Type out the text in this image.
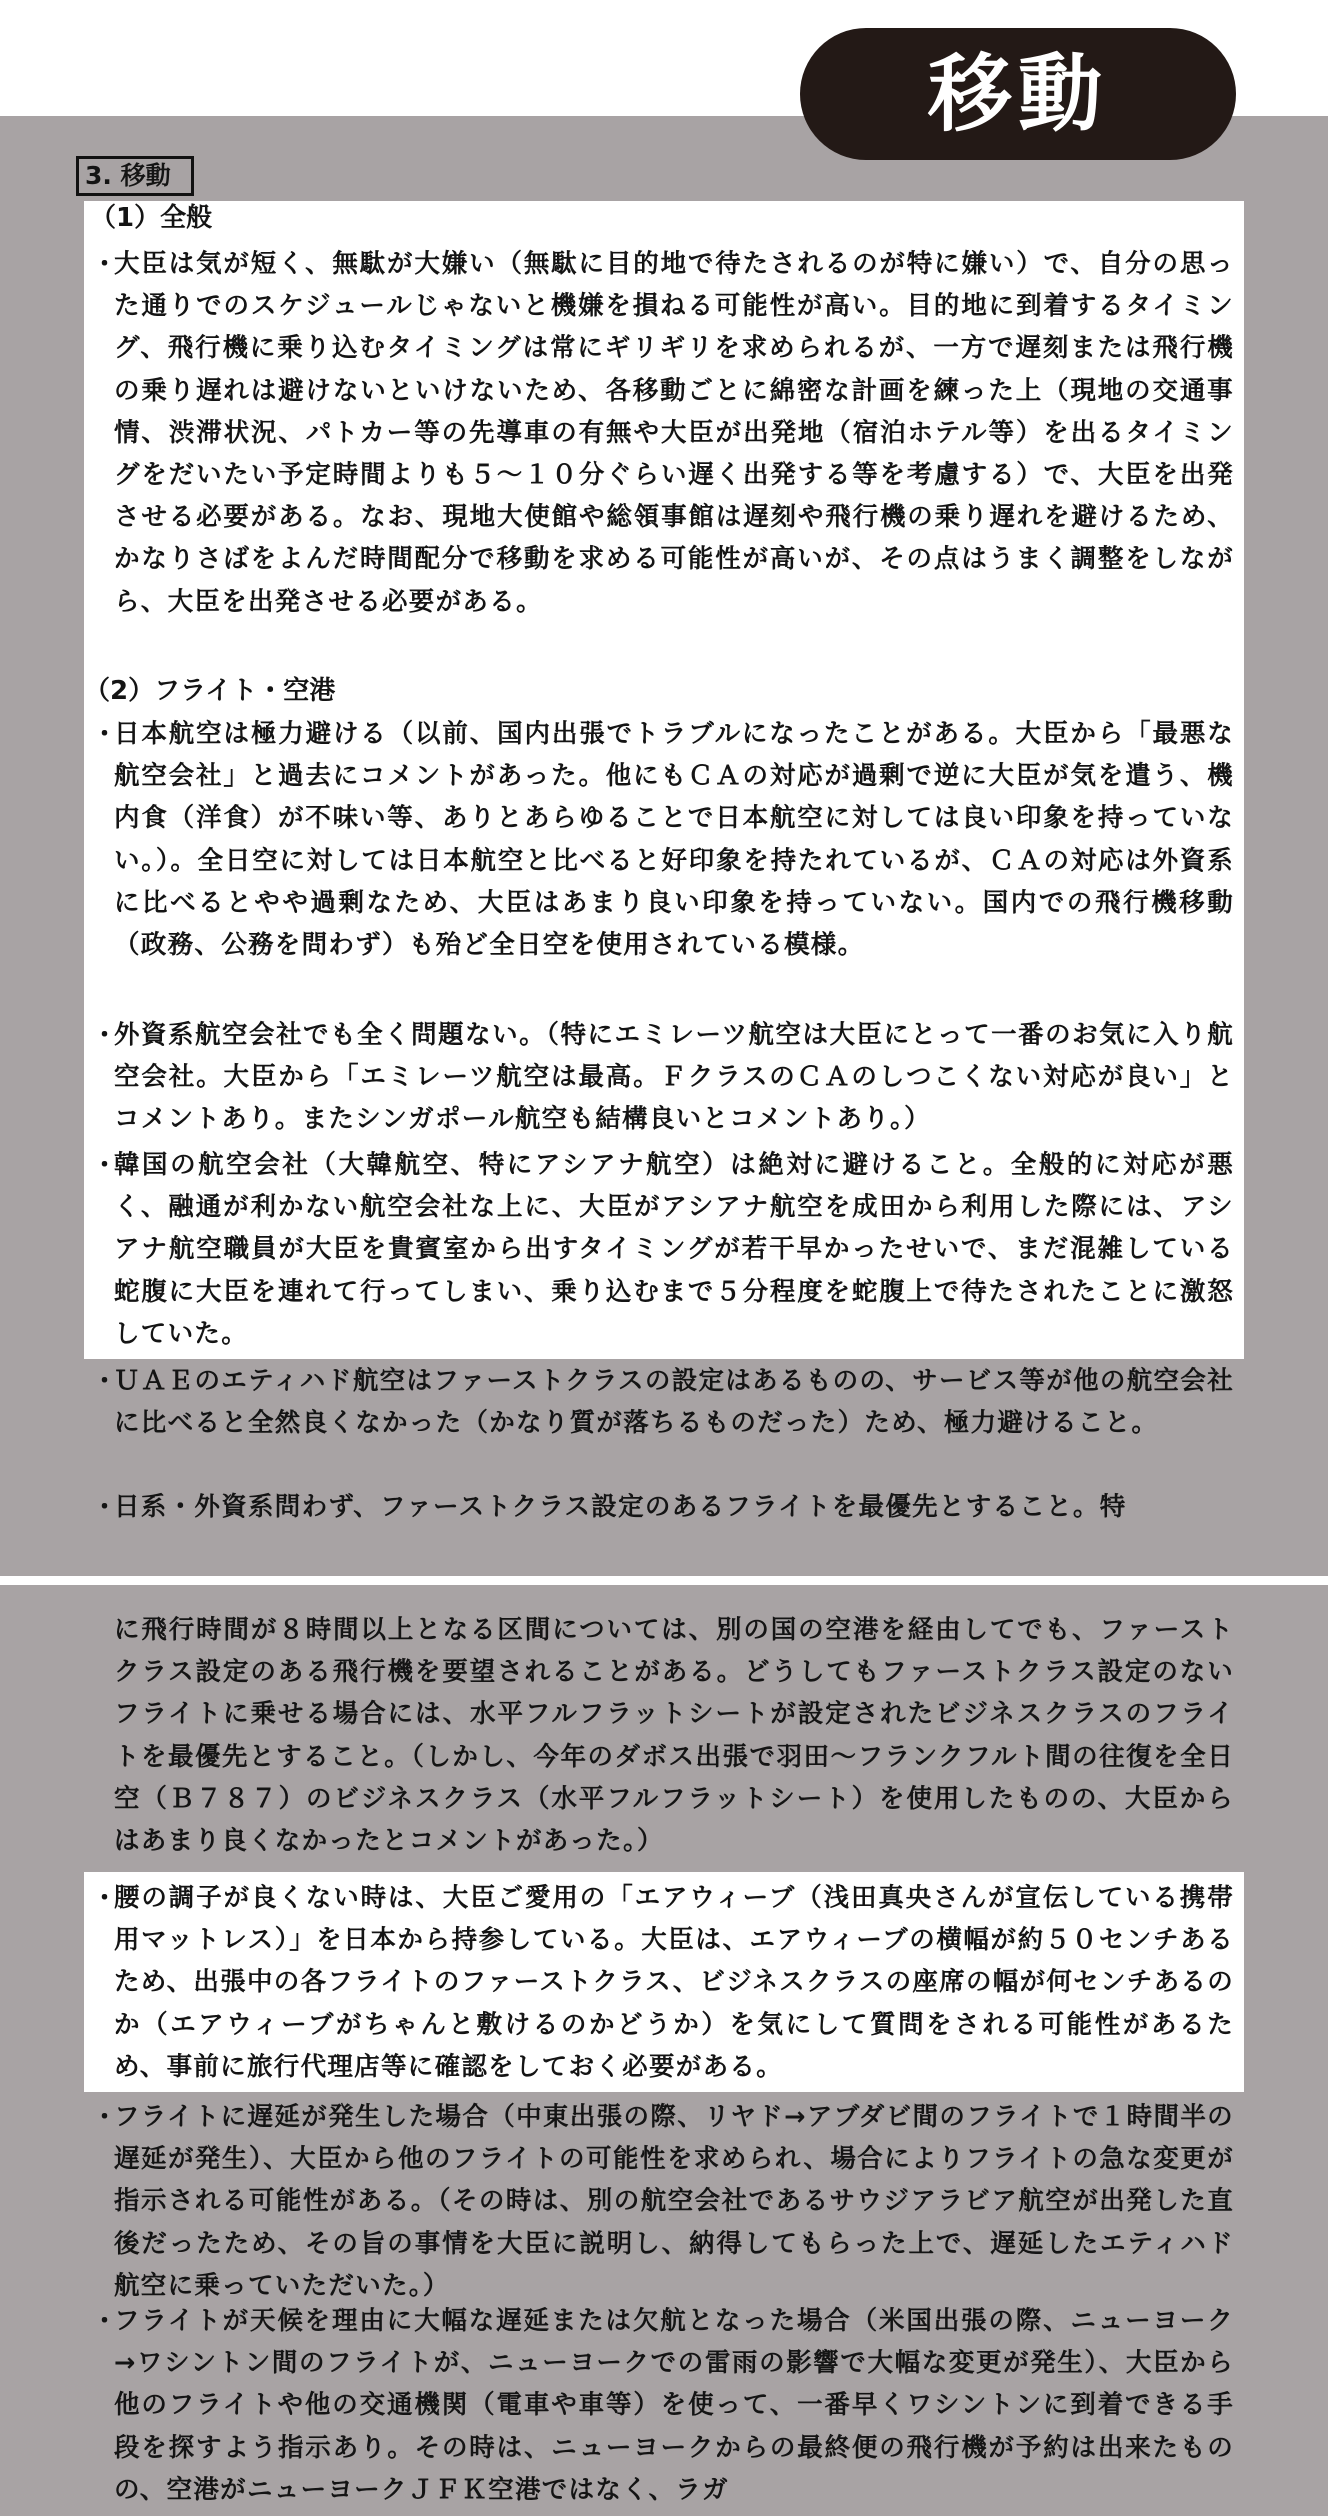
移動
3. 移動
（1）全般
（2）フライト・空港
・
大臣は気が短く、無駄が大嫌い（無駄に目的地で待たされるのが特に嫌い）で、自分の思った通りでのスケジュールじゃないと機嫌を損ねる可能性が高い。目的地に到着するタイミング、飛行機に乗り込むタイミングは常にギリギリを求められるが、一方で遅刻または飛行機の乗り遅れは避けないといけないため、各移動ごとに綿密な計画を練った上（現地の交通事情、渋滞状況、パトカー等の先導車の有無や大臣が出発地（宿泊ホテル等）を出るタイミングをだいたい予定時間よりも５～１０分ぐらい遅く出発する等を考慮する）で、大臣を出発させる必要がある。なお、現地大使館や総領事館は遅刻や飛行機の乗り遅れを避けるため、かなりさばをよんだ時間配分で移動を求める可能性が高いが、その点はうまく調整をしながら、大臣を出発させる必要がある。
・
日本航空は極力避ける（以前、国内出張でトラブルになったことがある。大臣から「最悪な航空会社」と過去にコメントがあった。他にもＣＡの対応が過剰で逆に大臣が気を遣う、機内食（洋食）が不味い等、ありとあらゆることで日本航空に対しては良い印象を持っていない。）。全日空に対しては日本航空と比べると好印象を持たれているが、ＣＡの対応は外資系に比べるとやや過剰なため、大臣はあまり良い印象を持っていない。国内での飛行機移動（政務、公務を問わず）も殆ど全日空を使用されている模様。
・
外資系航空会社でも全く問題ない。（特にエミレーツ航空は大臣にとって一番のお気に入り航空会社。大臣から「エミレーツ航空は最高。ＦクラスのＣＡのしつこくない対応が良い」とコメントあり。またシンガポール航空も結構良いとコメントあり。）
・
韓国の航空会社（大韓航空、特にアシアナ航空）は絶対に避けること。全般的に対応が悪く、融通が利かない航空会社な上に、大臣がアシアナ航空を成田から利用した際には、アシアナ航空職員が大臣を貴賓室から出すタイミングが若干早かったせいで、まだ混雑している蛇腹に大臣を連れて行ってしまい、乗り込むまで５分程度を蛇腹上で待たされたことに激怒していた。
・
ＵＡＥのエティハド航空はファーストクラスの設定はあるものの、サービス等が他の航空会社に比べると全然良くなかった（かなり質が落ちるものだった）ため、極力避けること。
・
日系・外資系問わず、ファーストクラス設定のあるフライトを最優先とすること。特
に飛行時間が８時間以上となる区間については、別の国の空港を経由してでも、ファーストクラス設定のある飛行機を要望されることがある。どうしてもファーストクラス設定のないフライトに乗せる場合には、水平フルフラットシートが設定されたビジネスクラスのフライトを最優先とすること。（しかし、今年のダボス出張で羽田～フランクフルト間の往復を全日空（Ｂ７８７）のビジネスクラス（水平フルフラットシート）を使用したものの、大臣からはあまり良くなかったとコメントがあった。）
・
腰の調子が良くない時は、大臣ご愛用の「エアウィーブ（浅田真央さんが宣伝している携帯用マットレス）」を日本から持参している。大臣は、エアウィーブの横幅が約５０センチあるため、出張中の各フライトのファーストクラス、ビジネスクラスの座席の幅が何センチあるのか（エアウィーブがちゃんと敷けるのかどうか）を気にして質問をされる可能性があるため、事前に旅行代理店等に確認をしておく必要がある。
・
フライトに遅延が発生した場合（中東出張の際、リヤド→アブダビ間のフライトで１時間半の遅延が発生）、大臣から他のフライトの可能性を求められ、場合によりフライトの急な変更が指示される可能性がある。（その時は、別の航空会社であるサウジアラビア航空が出発した直後だったため、その旨の事情を大臣に説明し、納得してもらった上で、遅延したエティハド航空に乗っていただいた。）
・
フライトが天候を理由に大幅な遅延または欠航となった場合（米国出張の際、ニューヨーク→ワシントン間のフライトが、ニューヨークでの雷雨の影響で大幅な変更が発生）、大臣から他のフライトや他の交通機関（電車や車等）を使って、一番早くワシントンに到着できる手段を探すよう指示あり。その時は、ニューヨークからの最終便の飛行機が予約は出来たものの、空港がニューヨークＪＦＫ空港ではなく、ラガ
